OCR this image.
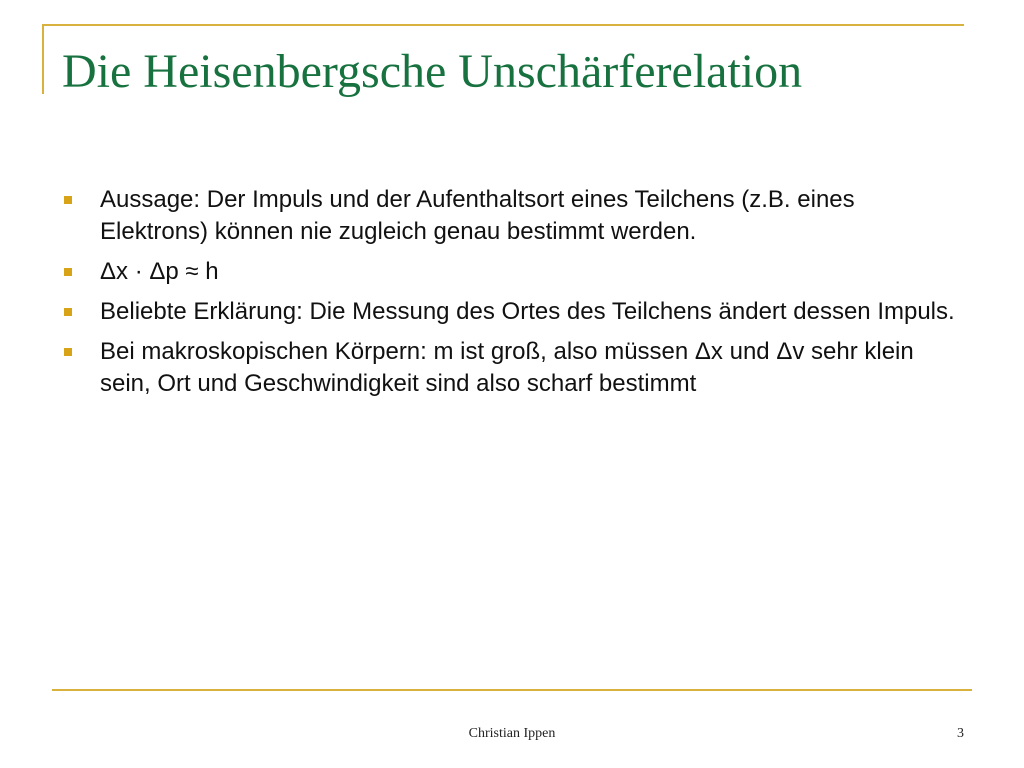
Die Heisenbergsche Unschärferelation
Aussage: Der Impuls und der Aufenthaltsort eines Teilchens (z.B. eines Elektrons) können nie zugleich genau bestimmt werden.
Δx · Δp ≈ h
Beliebte Erklärung: Die Messung des Ortes des Teilchens ändert dessen Impuls.
Bei makroskopischen Körpern: m ist groß, also müssen Δx und Δv sehr klein sein, Ort und Geschwindigkeit sind also scharf bestimmt
Christian Ippen	3
